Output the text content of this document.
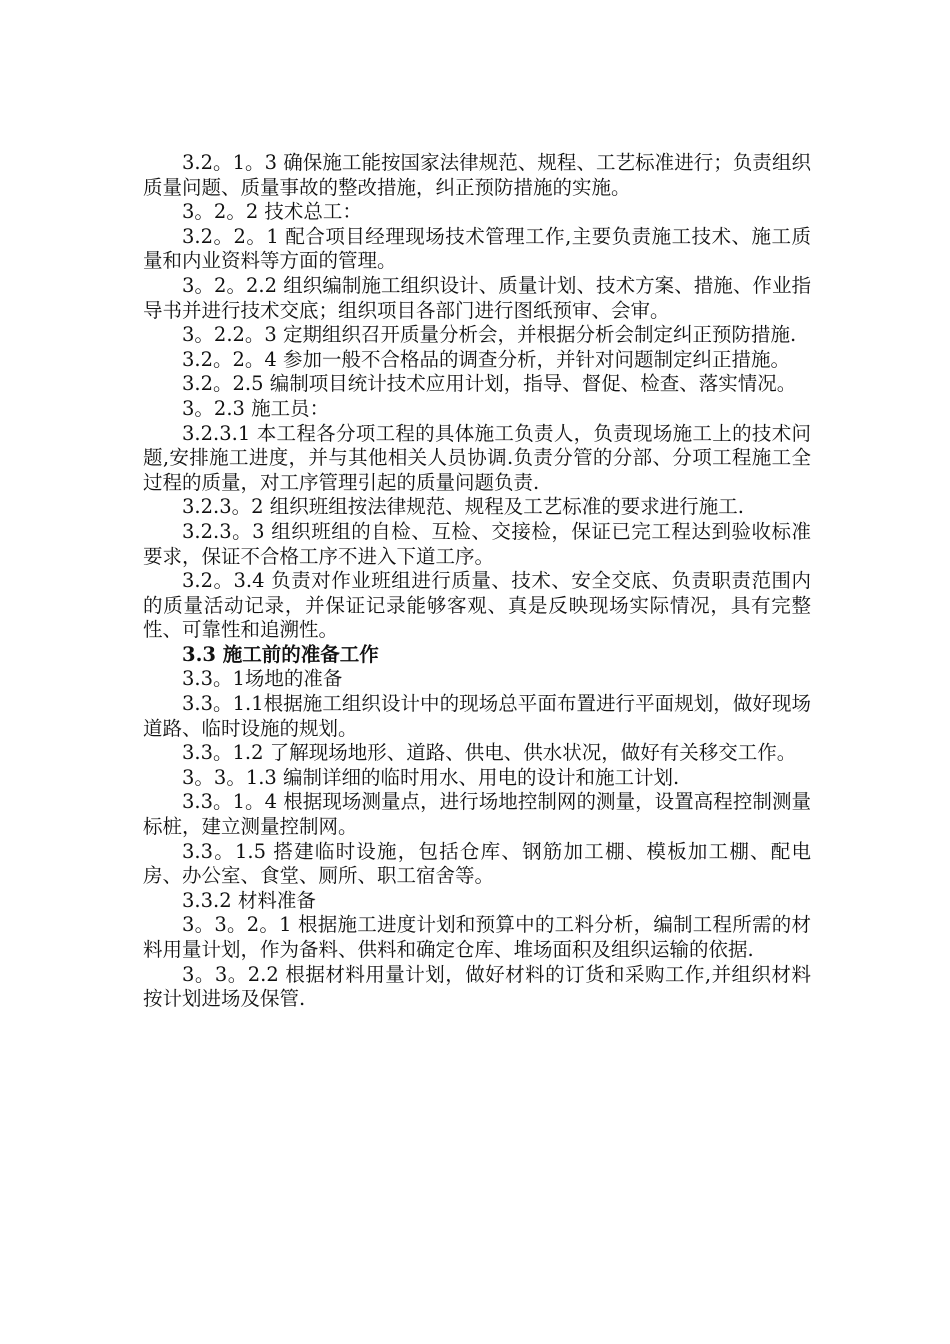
3.2。1。3 确保施工能按国家法律规范、规程、工艺标准进行；负责组织质量问题、质量事故的整改措施，纠正预防措施的实施。

3。2。2 技术总工：

3.2。2。1 配合项目经理现场技术管理工作,主要负责施工技术、施工质量和内业资料等方面的管理。

3。2。2.2 组织编制施工组织设计、质量计划、技术方案、措施、作业指导书并进行技术交底；组织项目各部门进行图纸预审、会审。

3。2.2。3 定期组织召开质量分析会，并根据分析会制定纠正预防措施.

3.2。2。4 参加一般不合格品的调查分析，并针对问题制定纠正措施。

3.2。2.5 编制项目统计技术应用计划，指导、督促、检查、落实情况。

3。2.3 施工员：

3.2.3.1 本工程各分项工程的具体施工负责人，负责现场施工上的技术问题,安排施工进度，并与其他相关人员协调.负责分管的分部、分项工程施工全过程的质量，对工序管理引起的质量问题负责.

3.2.3。2 组织班组按法律规范、规程及工艺标准的要求进行施工.

3.2.3。3 组织班组的自检、互检、交接检，保证已完工程达到验收标准要求，保证不合格工序不进入下道工序。

3.2。3.4 负责对作业班组进行质量、技术、安全交底、负责职责范围内的质量活动记录，并保证记录能够客观、真是反映现场实际情况，具有完整性、可靠性和追溯性。

3.3 施工前的准备工作

3.3。1场地的准备

3.3。1.1根据施工组织设计中的现场总平面布置进行平面规划，做好现场道路、临时设施的规划。

3.3。1.2 了解现场地形、道路、供电、供水状况，做好有关移交工作。

3。3。1.3 编制详细的临时用水、用电的设计和施工计划.

3.3。1。4 根据现场测量点，进行场地控制网的测量，设置高程控制测量标桩，建立测量控制网。

3.3。1.5 搭建临时设施，包括仓库、钢筋加工棚、模板加工棚、配电房、办公室、食堂、厕所、职工宿舍等。

3.3.2 材料准备

3。3。2。1 根据施工进度计划和预算中的工料分析，编制工程所需的材料用量计划，作为备料、供料和确定仓库、堆场面积及组织运输的依据.

3。3。2.2 根据材料用量计划，做好材料的订货和采购工作,并组织材料按计划进场及保管.
